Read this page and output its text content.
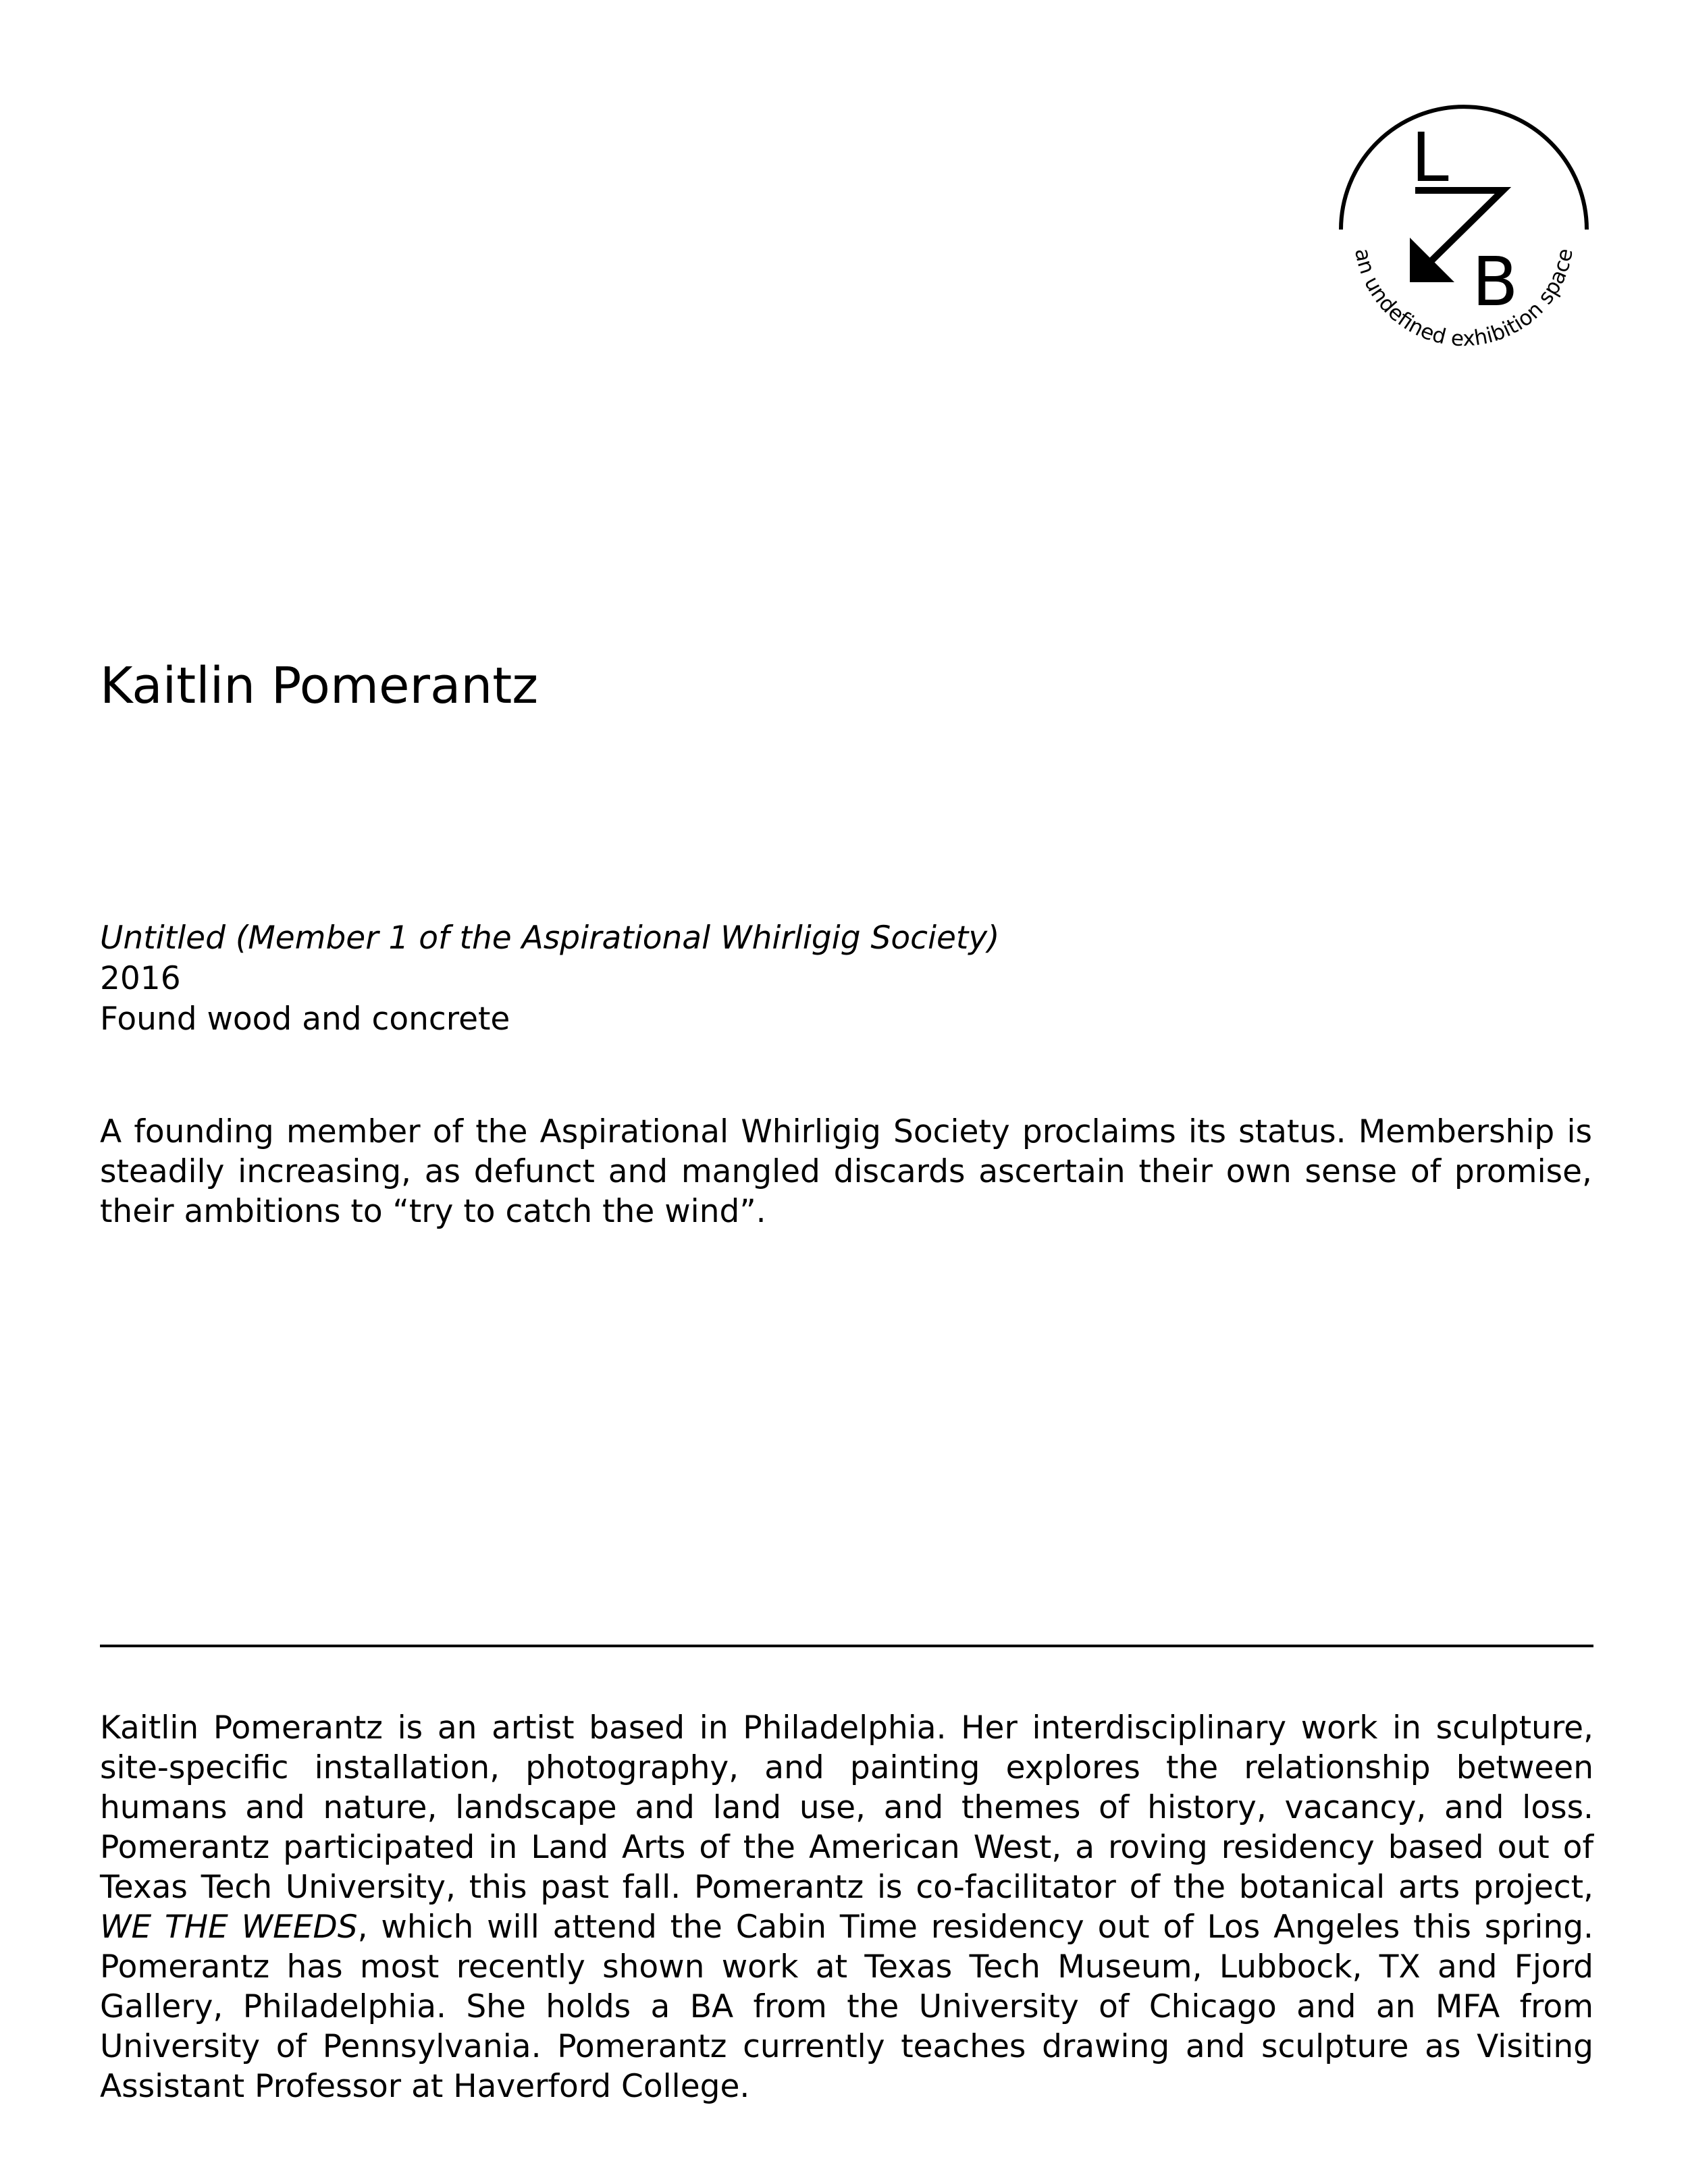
L
B
an undefined exhibition space
Kaitlin Pomerantz
Untitled (Member 1 of the Aspirational Whirligig Society)
2016
Found wood and concrete

A founding member of the Aspirational Whirligig Society proclaims its status. Membership is steadily increasing, as defunct and mangled discards ascertain their own sense of promise, their ambitions to “try to catch the wind”.

Kaitlin Pomerantz is an artist based in Philadelphia. Her interdisciplinary work in sculpture, site-specific installation, photography, and painting explores the relationship between humans and nature, landscape and land use, and themes of history, vacancy, and loss. Pomerantz participated in Land Arts of the American West, a roving residency based out of Texas Tech University, this past fall. Pomerantz is co-facilitator of the botanical arts project, WE THE WEEDS, which will attend the Cabin Time residency out of Los Angeles this spring. Pomerantz has most recently shown work at Texas Tech Museum, Lubbock, TX and Fjord Gallery, Philadelphia. She holds a BA from the University of Chicago and an MFA from University of Pennsylvania. Pomerantz currently teaches drawing and sculpture as Visiting Assistant Professor at Haverford College.
